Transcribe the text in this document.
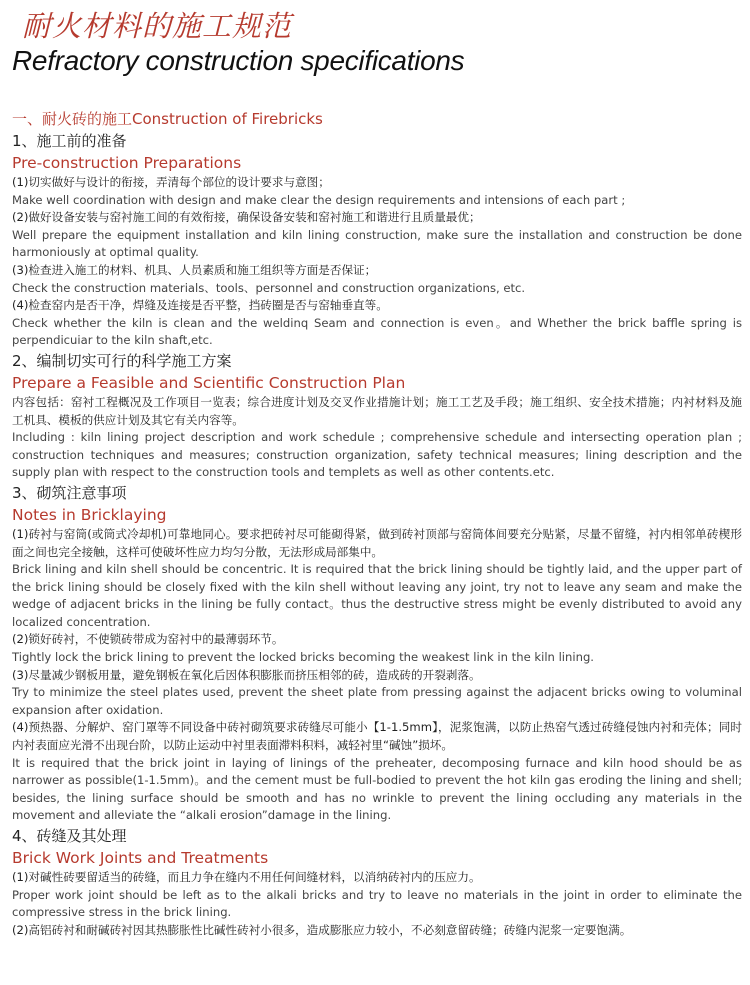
耐火材料的施工规范
Refractory construction specifications
一、耐火砖的施工Construction of Firebricks
1、施工前的准备
Pre-construction Preparations
(1)切实做好与设计的衔接，弄清每个部位的设计要求与意图；
Make well coordination with design and make clear the design requirements and intensions of each part ;
(2)做好设备安装与窑衬施工间的有效衔接，确保设备安装和窑衬施工和谐进行且质量最优；
Well prepare the equipment installation and kiln lining construction, make sure the installation and construction be done harmoniously at optimal quality.
(3)检查进入施工的材料、机具、人员素质和施工组织等方面是否保证；
Check the construction materials、tools、personnel and construction organizations, etc.
(4)检查窑内是否干净，焊缝及连接是否平整，挡砖圈是否与窑轴垂直等。
Check whether the kiln is clean and the weldinq Seam and connection is even。and Whether the brick baffle spring is perpendicuiar to the kiln shaft,etc.
2、编制切实可行的科学施工方案
Prepare a Feasible and Scientific Construction Plan
内容包括：窑衬工程概况及工作项目一览表；综合进度计划及交叉作业措施计划；施工工艺及手段；施工组织、安全技术措施；内衬材料及施工机具、模板的供应计划及其它有关内容等。
Including : kiln lining project description and work schedule ; comprehensive schedule and intersecting operation plan ; construction techniques and measures; construction organization, safety technical measures; lining description and the supply plan with respect to the construction tools and templets as well as other contents.etc.
3、砌筑注意事项
Notes in Bricklaying
(1)砖衬与窑筒(或筒式冷却机)可靠地同心。要求把砖衬尽可能砌得紧，做到砖衬顶部与窑筒体间要充分贴紧，尽量不留缝，衬内相邻单砖楔形面之间也完全接触，这样可使破坏性应力均匀分散，无法形成局部集中。
Brick lining and kiln shell should be concentric. It is required that the brick lining should be tightly laid, and the upper part of the brick lining should be closely fixed with the kiln shell without leaving any joint, try not to leave any seam and make the wedge of adjacent bricks in the lining be fully contact。thus the destructive stress might be evenly distributed to avoid any localized concentration.
(2)锁好砖衬，不使锁砖带成为窑衬中的最薄弱环节。
Tightly lock the brick lining to prevent the locked bricks becoming the weakest link in the kiln lining.
(3)尽量减少钢板用量，避免钢板在氧化后因体积膨胀而挤压相邻的砖，造成砖的开裂剥落。
Try to minimize the steel plates used, prevent the sheet plate from pressing against the adjacent bricks owing to voluminal expansion after oxidation.
(4)预热器、分解炉、窑门罩等不同设备中砖衬砌筑要求砖缝尽可能小【1-1.5mm】，泥浆饱满，以防止热窑气透过砖缝侵蚀内衬和壳体；同时内衬表面应光滑不出现台阶，以防止运动中衬里表面滞料积料，减轻衬里“碱蚀”损坏。
It is required that the brick joint in laying of linings of the preheater, decomposing furnace and kiln hood should be as narrower as possible(1-1.5mm)。and the cement must be full-bodied to prevent the hot kiln gas eroding the lining and shell; besides, the lining surface should be smooth and has no wrinkle to prevent the lining occluding any materials in the movement and alleviate the “alkali erosion”damage in the lining.
4、砖缝及其处理
Brick Work Joints and Treatments
(1)对碱性砖要留适当的砖缝，而且力争在缝内不用任何间缝材料，以消纳砖衬内的压应力。
Proper work joint should be left as to the alkali bricks and try to leave no materials in the joint in order to eliminate the compressive stress in the brick lining.
(2)高铝砖衬和耐碱砖衬因其热膨胀性比碱性砖衬小很多，造成膨胀应力较小，不必刻意留砖缝；砖缝内泥浆一定要饱满。
